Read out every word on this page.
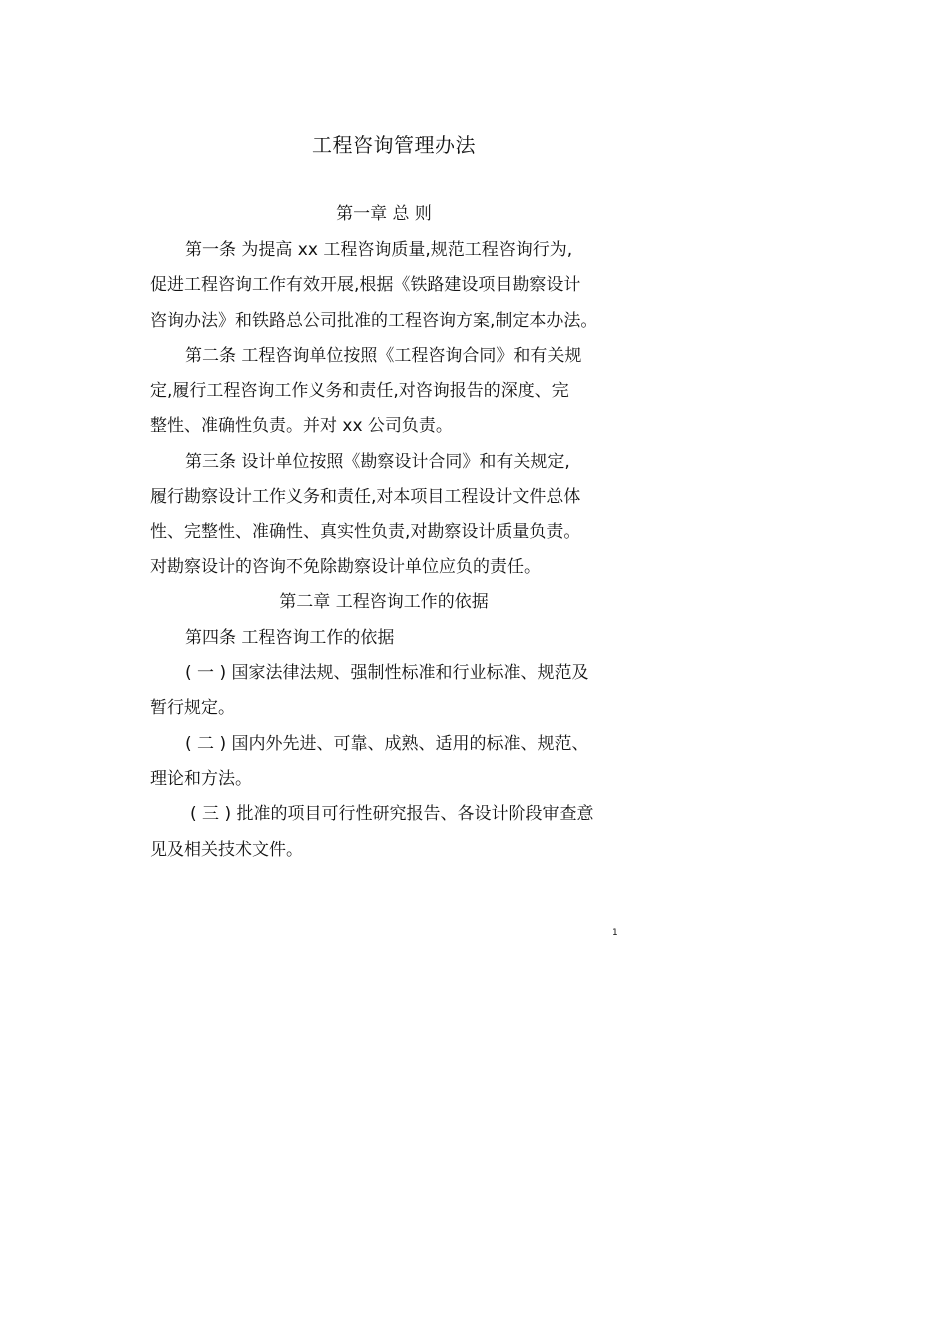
工程咨询管理办法
第一章 总 则
第一条 为提高 xx 工程咨询质量,规范工程咨询行为,
促进工程咨询工作有效开展,根据《铁路建设项目勘察设计
咨询办法》和铁路总公司批准的工程咨询方案,制定本办法。
第二条 工程咨询单位按照《工程咨询合同》和有关规
定,履行工程咨询工作义务和责任,对咨询报告的深度、完
整性、准确性负责。并对 xx 公司负责。
第三条 设计单位按照《勘察设计合同》和有关规定,
履行勘察设计工作义务和责任,对本项目工程设计文件总体
性、完整性、准确性、真实性负责,对勘察设计质量负责。
对勘察设计的咨询不免除勘察设计单位应负的责任。
第二章 工程咨询工作的依据
第四条 工程咨询工作的依据
( 一 ) 国家法律法规、强制性标准和行业标准、规范及
暂行规定。
( 二 ) 国内外先进、可靠、成熟、适用的标准、规范、
理论和方法。
( 三 ) 批准的项目可行性研究报告、各设计阶段审查意
见及相关技术文件。
1
